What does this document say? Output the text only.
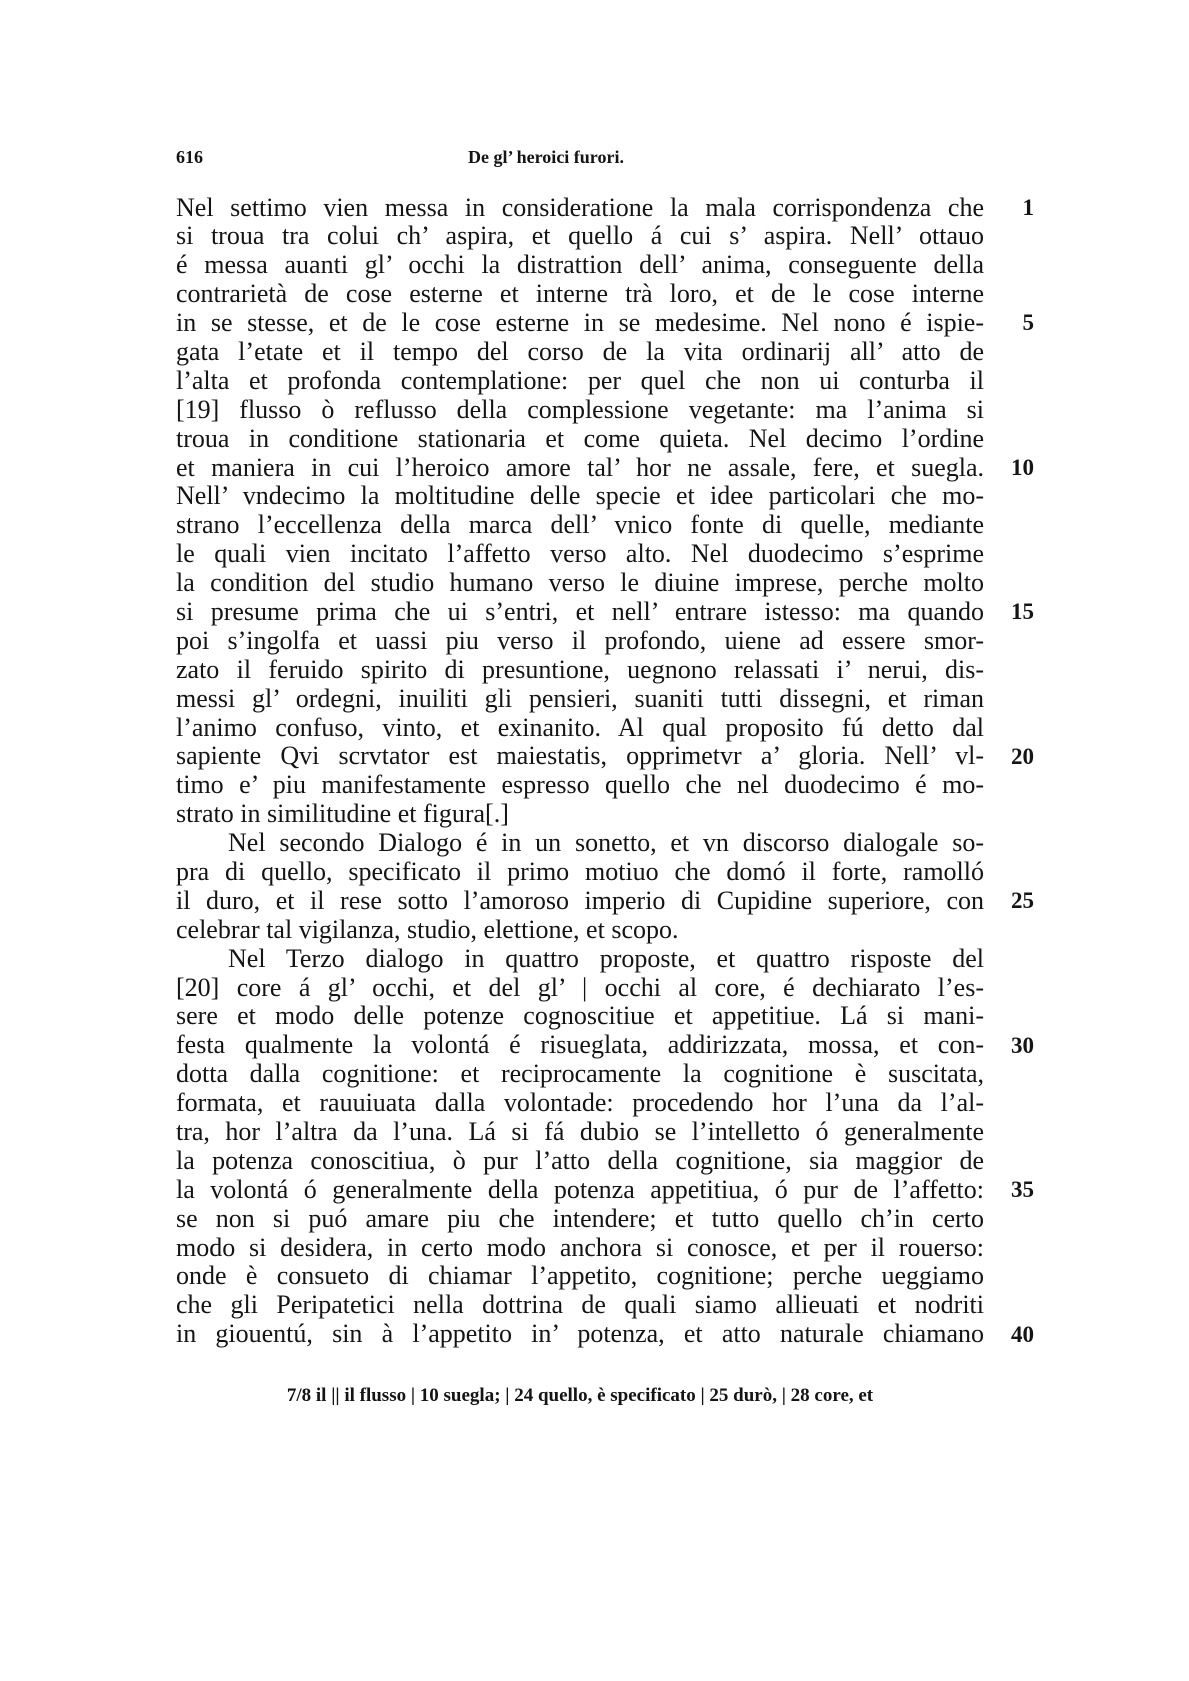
616	De gl’ heroici furori.
Nel settimo vien messa in consideratione la mala corrispondenza che
si troua tra colui ch’ aspira, et quello á cui s’ aspira. Nell’ ottauo
é messa auanti gl’ occhi la distrattion dell’ anima, conseguente della
contrarietà de cose esterne et interne trà loro, et de le cose interne
in se stesse, et de le cose esterne in se medesime. Nel nono é ispie-
gata l’etate et il tempo del corso de la vita ordinarij all’ atto de
l’alta et profonda contemplatione: per quel che non ui conturba il
[19] flusso ò reflusso della complessione vegetante: ma l’anima si
troua in conditione stationaria et come quieta. Nel decimo l’ordine
et maniera in cui l’heroico amore tal’ hor ne assale, fere, et suegla.
Nell’ vndecimo la moltitudine delle specie et idee particolari che mo-
strano l’eccellenza della marca dell’ vnico fonte di quelle, mediante
le quali vien incitato l’affetto verso alto. Nel duodecimo s’esprime
la condition del studio humano verso le diuine imprese, perche molto
si presume prima che ui s’entri, et nell’ entrare istesso: ma quando
poi s’ingolfa et uassi piu verso il profondo, uiene ad essere smor-
zato il feruido spirito di presuntione, uegnono relassati i’ nerui, dis-
messi gl’ ordegni, inuiliti gli pensieri, suaniti tutti dissegni, et riman
l’animo confuso, vinto, et exinanito. Al qual proposito fú detto dal
sapiente Qvi scrvtator est maiestatis, opprimetvr a’ gloria. Nell’ vl-
timo e’ piu manifestamente espresso quello che nel duodecimo é mo-
strato in similitudine et figura[.]
Nel secondo Dialogo é in un sonetto, et vn discorso dialogale so-
pra di quello, specificato il primo motiuo che domó il forte, ramolló
il duro, et il rese sotto l’amoroso imperio di Cupidine superiore, con
celebrar tal vigilanza, studio, elettione, et scopo.
Nel Terzo dialogo in quattro proposte, et quattro risposte del
[20] core á gl’ occhi, et del gl’ | occhi al core, é dechiarato l’es-
sere et modo delle potenze cognoscitiue et appetitiue. Lá si mani-
festa qualmente la volontá é risueglata, addirizzata, mossa, et con-
dotta dalla cognitione: et reciprocamente la cognitione è suscitata,
formata, et rauuiuata dalla volontade: procedendo hor l’una da l’al-
tra, hor l’altra da l’una. Lá si fá dubio se l’intelletto ó generalmente
la potenza conoscitiua, ò pur l’atto della cognitione, sia maggior de
la volontá ó generalmente della potenza appetitiua, ó pur de l’affetto:
se non si puó amare piu che intendere; et tutto quello ch’in certo
modo si desidera, in certo modo anchora si conosce, et per il rouerso:
onde è consueto di chiamar l’appetito, cognitione; perche ueggiamo
che gli Peripatetici nella dottrina de quali siamo allieuati et nodriti
in giouentú, sin à l’appetito in’ potenza, et atto naturale chiamano
1
5
10
15
20
25
30
35
40
7/8 il || il flusso | 10 suegla; | 24 quello, è specificato | 25 durò, | 28 core, et
